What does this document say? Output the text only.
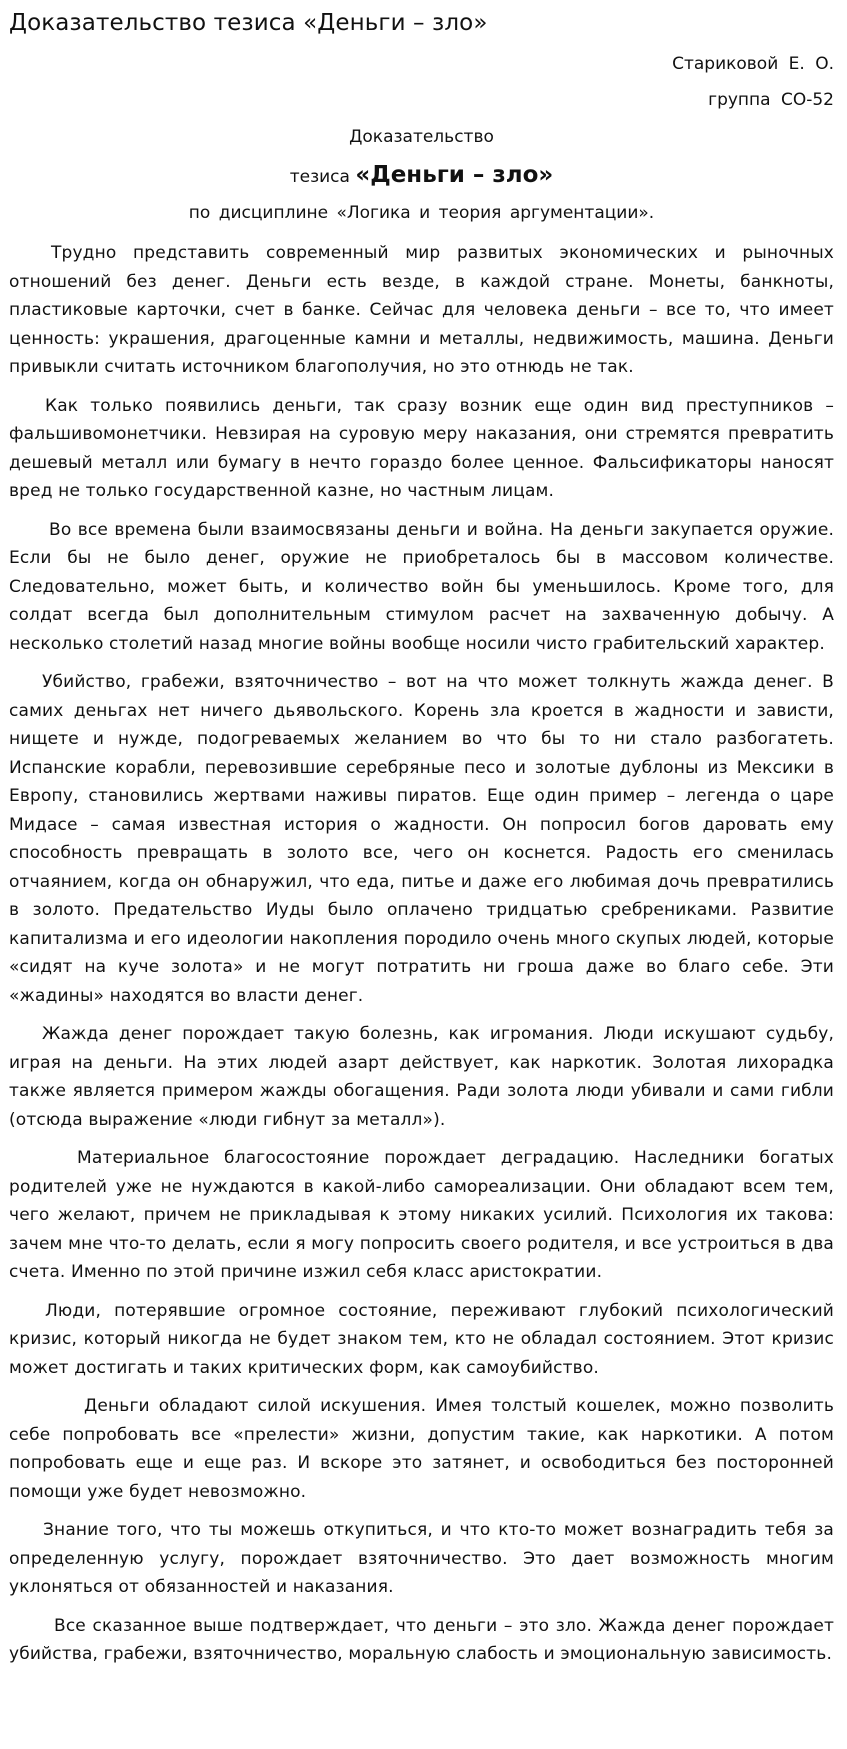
Доказательство тезиса «Деньги – зло»

Стариковой Е. О.

группа СО-52

Доказательство

тезиса «Деньги – зло»

по дисциплине «Логика и теория аргументации».

Трудно представить современный мир развитых экономических и рыночных отношений без денег. Деньги есть везде, в каждой стране. Монеты, банкноты, пластиковые карточки, счет в банке. Сейчас для человека деньги – все то, что имеет ценность: украшения, драгоценные камни и металлы, недвижимость, машина. Деньги привыкли считать источником благополучия, но это отнюдь не так.

Как только появились деньги, так сразу возник еще один вид преступников – фальшивомонетчики. Невзирая на суровую меру наказания, они стремятся превратить дешевый металл или бумагу в нечто гораздо более ценное. Фальсификаторы наносят вред не только государственной казне, но частным лицам.

Во все времена были взаимосвязаны деньги и война. На деньги закупается оружие. Если бы не было денег, оружие не приобреталось бы в массовом количестве. Следовательно, может быть, и количество войн бы уменьшилось. Кроме того, для солдат всегда был дополнительным стимулом расчет на захваченную добычу. А несколько столетий назад многие войны вообще носили чисто грабительский характер.

Убийство, грабежи, взяточничество – вот на что может толкнуть жажда денег. В самих деньгах нет ничего дьявольского. Корень зла кроется в жадности и зависти, нищете и нужде, подогреваемых желанием во что бы то ни стало разбогатеть. Испанские корабли, перевозившие серебряные песо и золотые дублоны из Мексики в Европу, становились жертвами наживы пиратов. Еще один пример – легенда о царе Мидасе – самая известная история о жадности. Он попросил богов даровать ему способность превращать в золото все, чего он коснется. Радость его сменилась отчаянием, когда он обнаружил, что еда, питье и даже его любимая дочь превратились в золото. Предательство Иуды было оплачено тридцатью сребрениками. Развитие капитализма и его идеологии накопления породило очень много скупых людей, которые «сидят на куче золота» и не могут потратить ни гроша даже во благо себе. Эти «жадины» находятся во власти денег.

Жажда денег порождает такую болезнь, как игромания. Люди искушают судьбу, играя на деньги. На этих людей азарт действует, как наркотик. Золотая лихорадка также является примером жажды обогащения. Ради золота люди убивали и сами гибли (отсюда выражение «люди гибнут за металл»).

Материальное благосостояние порождает деградацию. Наследники богатых родителей уже не нуждаются в какой-либо самореализации. Они обладают всем тем, чего желают, причем не прикладывая к этому никаких усилий. Психология их такова: зачем мне что-то делать, если я могу попросить своего родителя, и все устроиться в два счета. Именно по этой причине изжил себя класс аристократии.

Люди, потерявшие огромное состояние, переживают глубокий психологический кризис, который никогда не будет знаком тем, кто не обладал состоянием. Этот кризис может достигать и таких критических форм, как самоубийство.

Деньги обладают силой искушения. Имея толстый кошелек, можно позволить себе попробовать все «прелести» жизни, допустим такие, как наркотики. А потом попробовать еще и еще раз. И вскоре это затянет, и освободиться без посторонней помощи уже будет невозможно.

Знание того, что ты можешь откупиться, и что кто-то может вознаградить тебя за определенную услугу, порождает взяточничество. Это дает возможность многим уклоняться от обязанностей и наказания.

Все сказанное выше подтверждает, что деньги – это зло. Жажда денег порождает убийства, грабежи, взяточничество, моральную слабость и эмоциональную зависимость.
